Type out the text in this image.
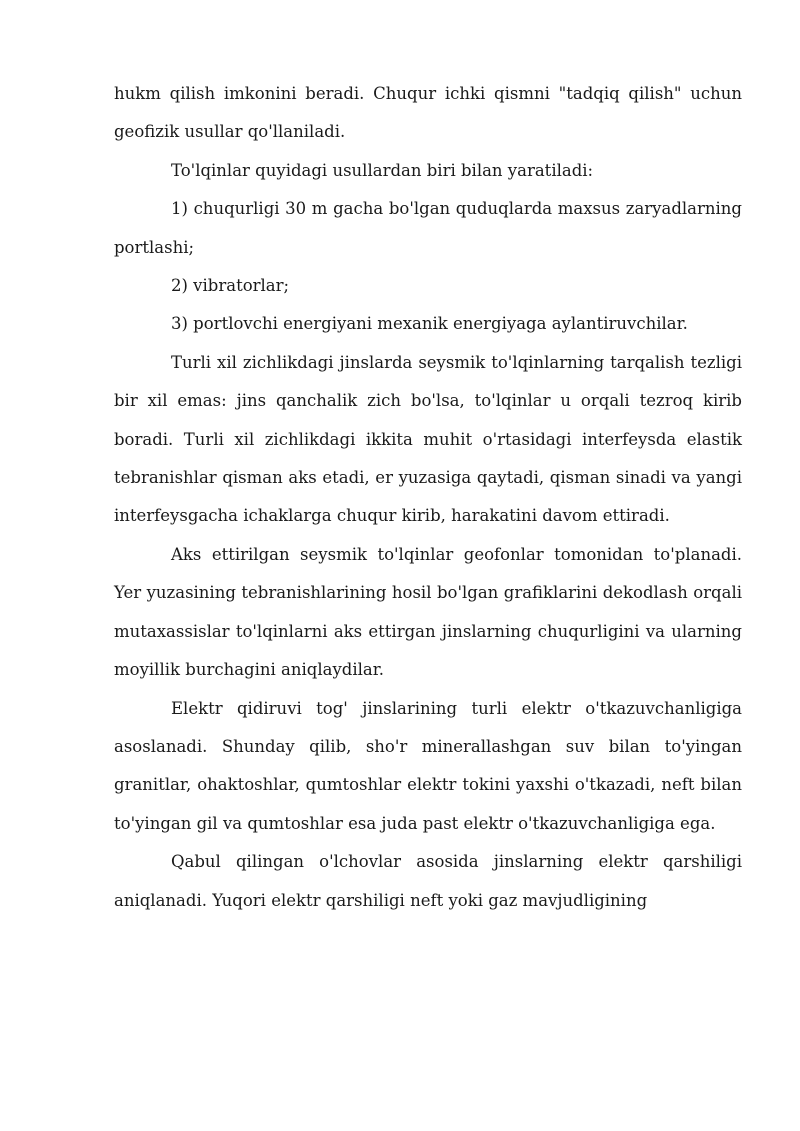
hukm qilish imkonini beradi. Chuqur ichki qismni "tadqiq qilish" uchun geofizik usullar qo'llaniladi.

To'lqinlar quyidagi usullardan biri bilan yaratiladi:

1) chuqurligi 30 m gacha bo'lgan quduqlarda maxsus zaryadlarning portlashi;

2) vibratorlar;

3) portlovchi energiyani mexanik energiyaga aylantiruvchilar.

Turli xil zichlikdagi jinslarda seysmik to'lqinlarning tarqalish tezligi bir xil emas: jins qanchalik zich bo'lsa, to'lqinlar u orqali tezroq kirib boradi. Turli xil zichlikdagi ikkita muhit o'rtasidagi interfeysda elastik tebranishlar qisman aks etadi, er yuzasiga qaytadi, qisman sinadi va yangi interfeysgacha ichaklarga chuqur kirib, harakatini davom ettiradi.

Aks ettirilgan seysmik to'lqinlar geofonlar tomonidan to'planadi. Yer yuzasining tebranishlarining hosil bo'lgan grafiklarini dekodlash orqali mutaxassislar to'lqinlarni aks ettirgan jinslarning chuqurligini va ularning moyillik burchagini aniqlaydilar.

Elektr qidiruvi tog' jinslarining turli elektr o'tkazuvchanligiga asoslanadi. Shunday qilib, sho'r minerallashgan suv bilan to'yingan granitlar, ohaktoshlar, qumtoshlar elektr tokini yaxshi o'tkazadi, neft bilan to'yingan gil va qumtoshlar esa juda past elektr o'tkazuvchanligiga ega.

Qabul qilingan o'lchovlar asosida jinslarning elektr qarshiligi aniqlanadi. Yuqori elektr qarshiligi neft yoki gaz mavjudligining
